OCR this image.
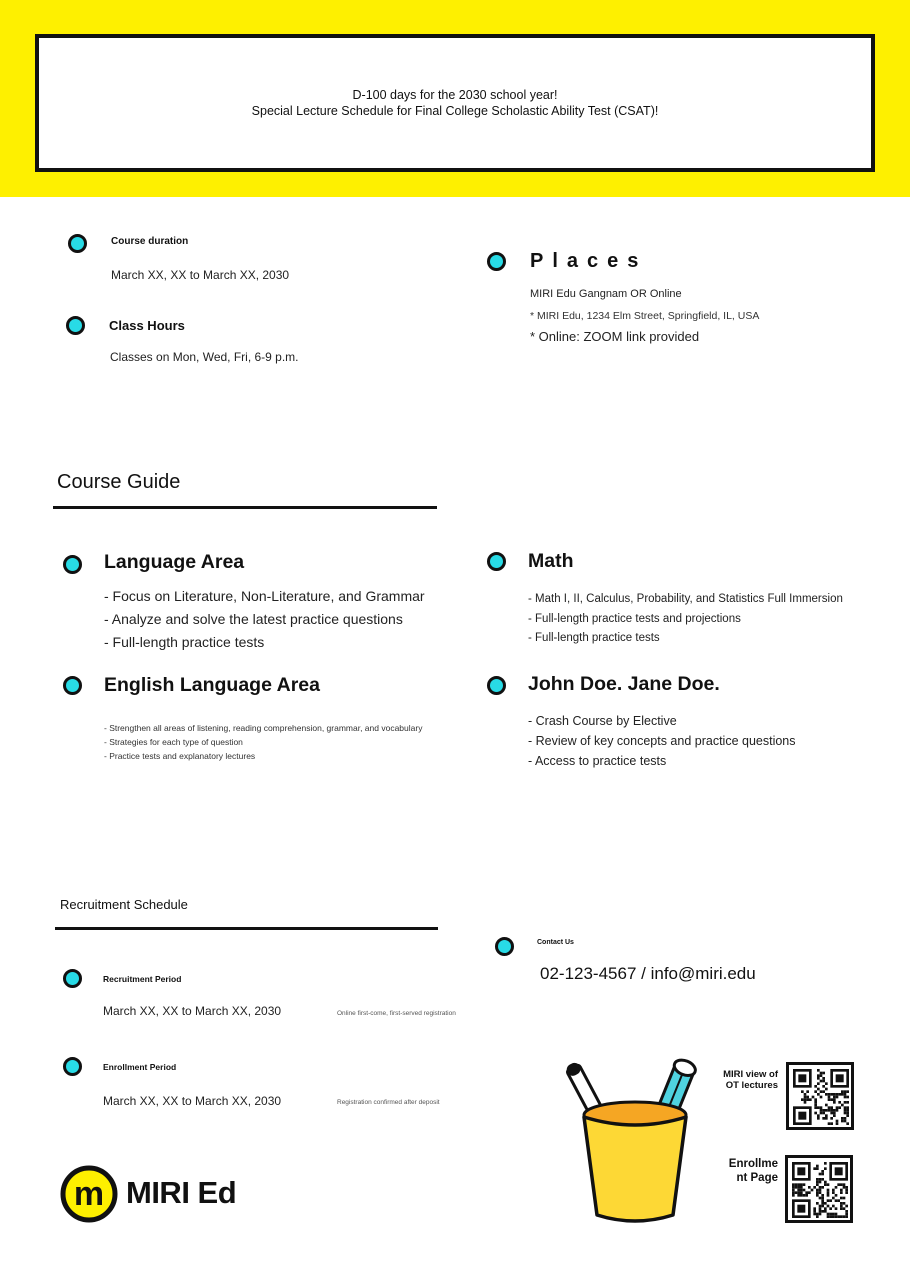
D-100 days for the 2030 school year!
Special Lecture Schedule for Final College Scholastic Ability Test (CSAT)!
Course duration
March XX, XX to March XX, 2030
Class Hours
Classes on Mon, Wed, Fri, 6-9 p.m.
Places
MIRI Edu Gangnam OR Online
* MIRI Edu, 1234 Elm Street, Springfield, IL, USA
* Online: ZOOM link provided
Course Guide
Language Area
- Focus on Literature, Non-Literature, and Grammar
- Analyze and solve the latest practice questions
- Full-length practice tests
Math
- Math I, II, Calculus, Probability, and Statistics Full Immersion
- Full-length practice tests and projections
- Full-length practice tests
English Language Area
- Strengthen all areas of listening, reading comprehension, grammar, and vocabulary
- Strategies for each type of question
- Practice tests and explanatory lectures
John Doe. Jane Doe.
- Crash Course by Elective
- Review of key concepts and practice questions
- Access to practice tests
Recruitment Schedule
Recruitment Period
March XX, XX to March XX, 2030	Online first-come, first-served registration
Enrollment Period
March XX, XX to March XX, 2030	Registration confirmed after deposit
Contact Us
02-123-4567 / info@miri.edu
m MIRI Ed
MIRI view of
OT lectures
Enrollme
nt Page
